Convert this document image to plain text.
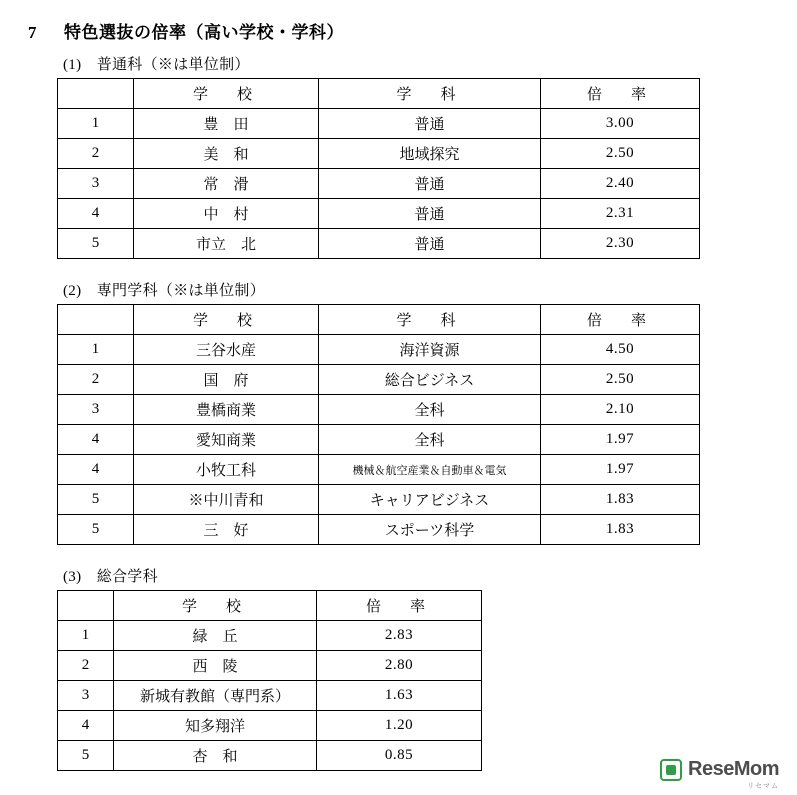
7 特色選抜の倍率（高い学校・学科）
(1)　普通科（※は単位制）
	学　校	学　科	倍　率
1	豊　田	普通	3.00
2	美　和	地域探究	2.50
3	常　滑	普通	2.40
4	中　村	普通	2.31
5	市立　北	普通	2.30
(2)　専門学科（※は単位制）
	学　校	学　科	倍　率
1	三谷水産	海洋資源	4.50
2	国　府	総合ビジネス	2.50
3	豊橋商業	全科	2.10
4	愛知商業	全科	1.97
4	小牧工科	機械＆航空産業＆自動車＆電気	1.97
5	※中川青和	キャリアビジネス	1.83
5	三　好	スポーツ科学	1.83
(3)　総合学科
	学　校	倍　率
1	緑　丘	2.83
2	西　陵	2.80
3	新城有教館（専門系）	1.63
4	知多翔洋	1.20
5	杏　和	0.85
ReseMom
リセマム
